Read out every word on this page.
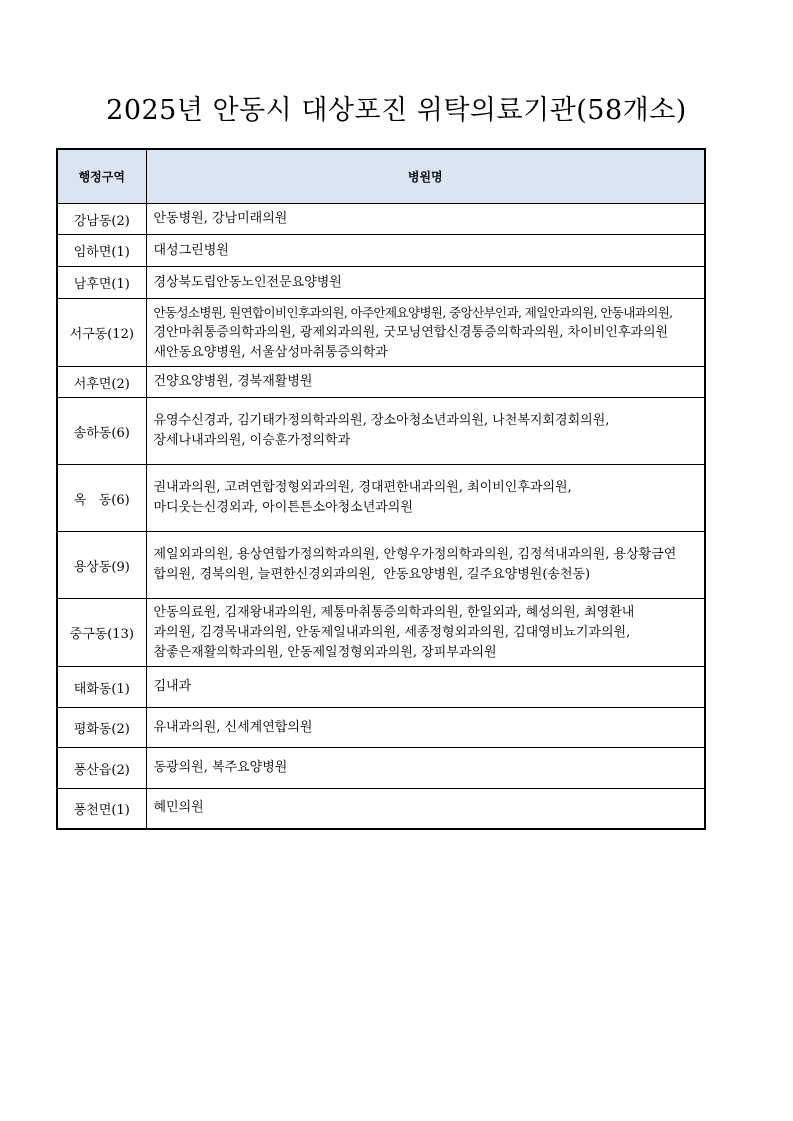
2025년 안동시 대상포진 위탁의료기관(58개소)
행정구역	병원명
강남동(2)	안동병원, 강남미래의원

임하면(1)	대성그린병원

남후면(1)	경상북도립안동노인전문요양병원

서구동(12)	안동성소병원, 원연합이비인후과의원, 아주안제요양병원, 중앙산부인과, 제일안과의원, 안동내과의원,
경안마취통증의학과의원, 광제외과의원, 굿모닝연합신경통증의학과의원, 차이비인후과의원
새안동요양병원, 서울삼성마취통증의학과

서후면(2)	건양요양병원, 경북재활병원

송하동(6)	유영수신경과, 김기태가정의학과의원, 장소아청소년과의원, 나천복지회경회의원,
장세나내과의원, 이승훈가정의학과

옥   동(6)	권내과의원, 고려연합정형외과의원, 경대편한내과의원, 최이비인후과의원,
마디웃는신경외과, 아이튼튼소아청소년과의원

용상동(9)	제일외과의원, 용상연합가정의학과의원, 안형우가정의학과의원, 김정석내과의원, 용상황금연
합의원, 경북의원, 늘편한신경외과의원,  안동요양병원, 길주요양병원(송천동)

중구동(13)	안동의료원, 김재왕내과의원, 제통마취통증의학과의원, 한일외과, 혜성의원, 최영환내
과의원, 김경목내과의원, 안동제일내과의원, 세종정형외과의원, 김대영비뇨기과의원,
참좋은재활의학과의원, 안동제일정형외과의원, 장피부과의원

태화동(1)	김내과

평화동(2)	유내과의원, 신세계연합의원

풍산읍(2)	동광의원, 복주요양병원

풍천면(1)	혜민의원
